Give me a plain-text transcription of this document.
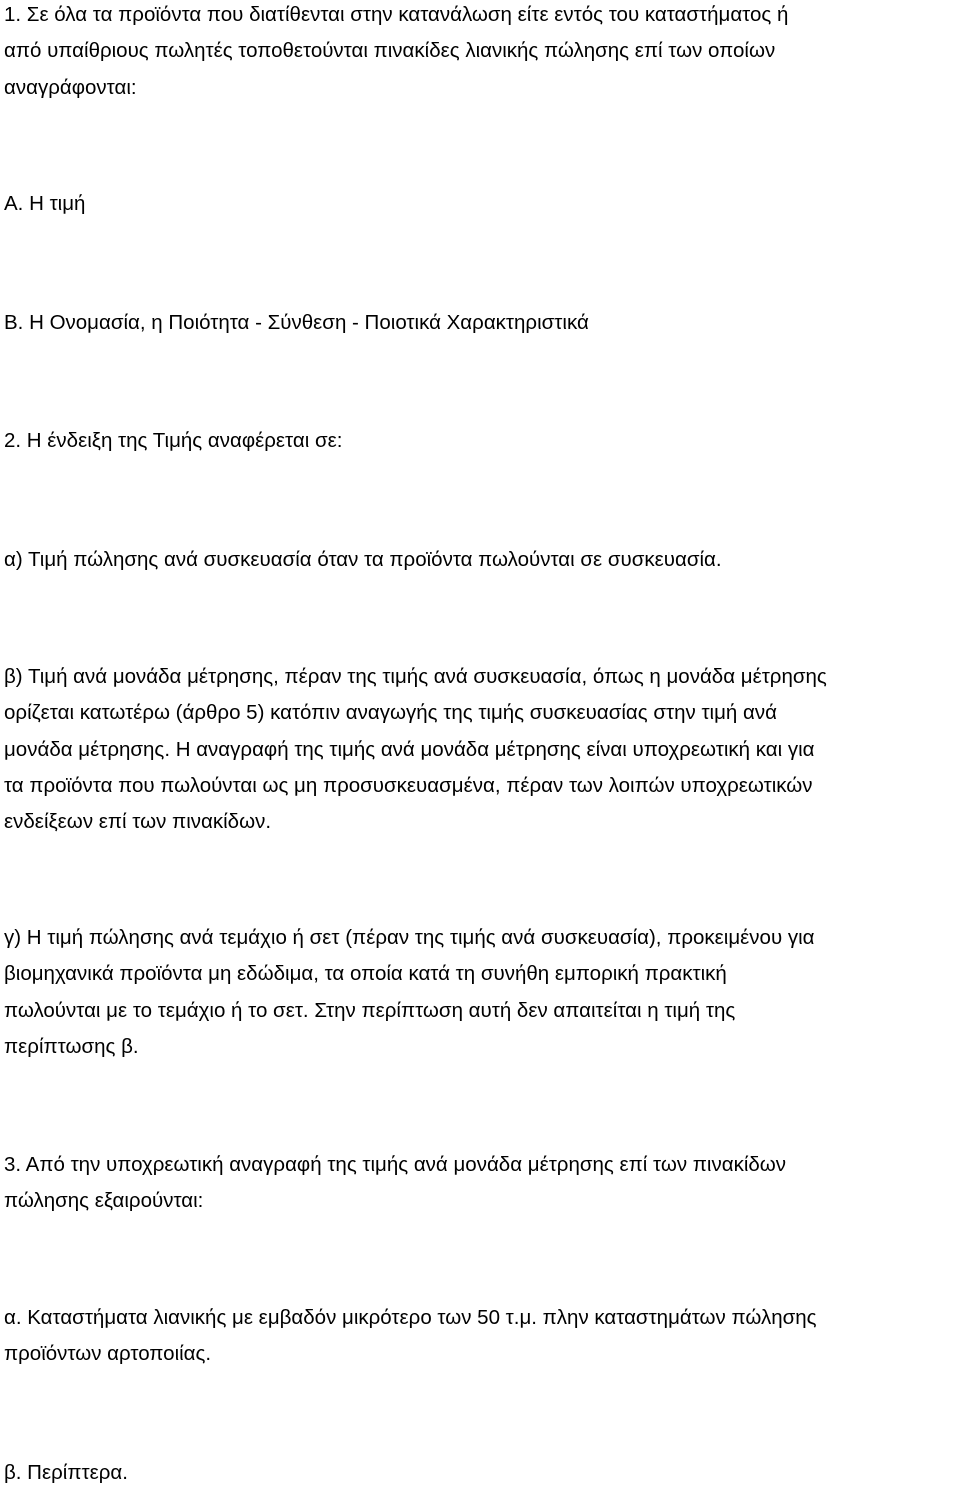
1. Σε όλα τα προϊόντα που διατίθενται στην κατανάλωση είτε εντός του καταστήματος ή
από υπαίθριους πωλητές τοποθετούνται πινακίδες λιανικής πώλησης επί των οποίων
αναγράφονται:

Α. Η τιμή

Β. Η Ονομασία, η Ποιότητα - Σύνθεση - Ποιοτικά Χαρακτηριστικά

2. Η ένδειξη της Τιμής αναφέρεται σε:

α) Τιμή πώλησης ανά συσκευασία όταν τα προϊόντα πωλούνται σε συσκευασία.

β) Τιμή ανά μονάδα μέτρησης, πέραν της τιμής ανά συσκευασία, όπως η μονάδα μέτρησης
ορίζεται κατωτέρω (άρθρο 5) κατόπιν αναγωγής της τιμής συσκευασίας στην τιμή ανά
μονάδα μέτρησης. Η αναγραφή της τιμής ανά μονάδα μέτρησης είναι υποχρεωτική και για
τα προϊόντα που πωλούνται ως μη προσυσκευασμένα, πέραν των λοιπών υποχρεωτικών
ενδείξεων επί των πινακίδων.

γ) Η τιμή πώλησης ανά τεμάχιο ή σετ (πέραν της τιμής ανά συσκευασία), προκειμένου για
βιομηχανικά προϊόντα μη εδώδιμα, τα οποία κατά τη συνήθη εμπορική πρακτική
πωλούνται με το τεμάχιο ή το σετ. Στην περίπτωση αυτή δεν απαιτείται η τιμή της
περίπτωσης β.

3. Από την υποχρεωτική αναγραφή της τιμής ανά μονάδα μέτρησης επί των πινακίδων
πώλησης εξαιρούνται:

α. Καταστήματα λιανικής με εμβαδόν μικρότερο των 50 τ.μ. πλην καταστημάτων πώλησης
προϊόντων αρτοποιίας.

β. Περίπτερα.
